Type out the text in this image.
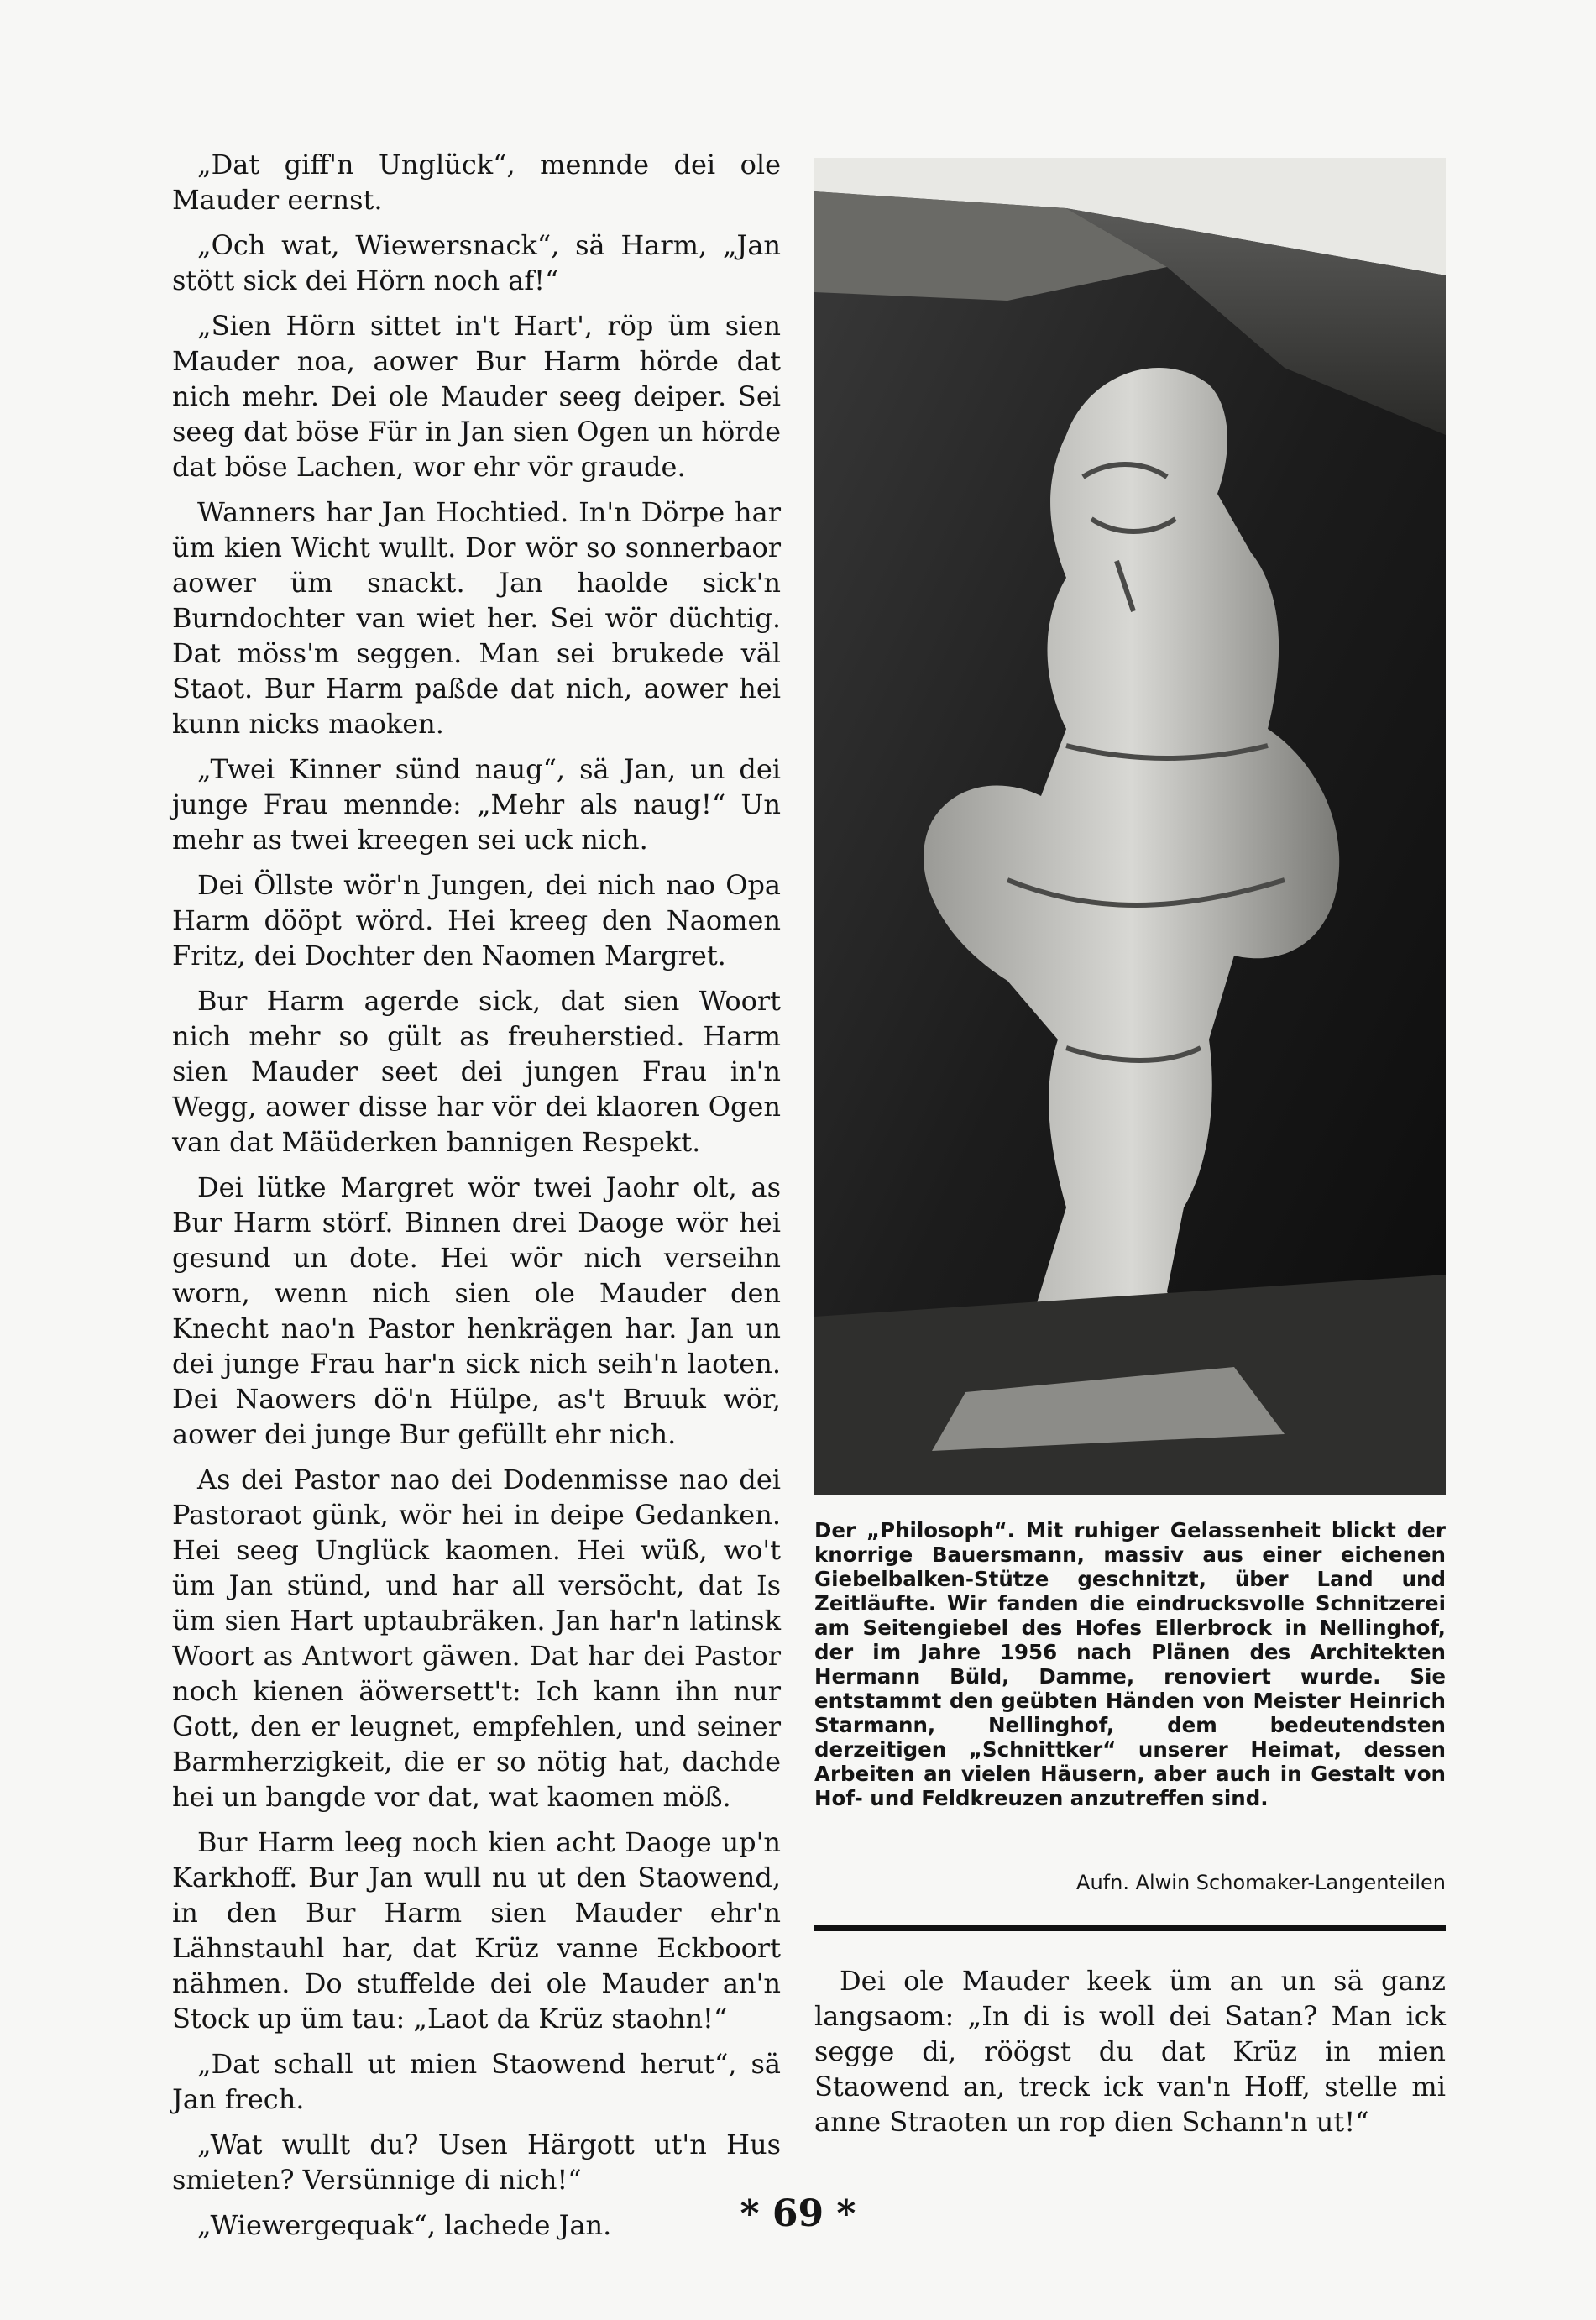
„Dat giff'n Unglück“, mennde dei ole Mauder eernst.

„Och wat, Wiewersnack“, sä Harm, „Jan stött sick dei Hörn noch af!“

„Sien Hörn sittet in't Hart', röp üm sien Mauder noa, aower Bur Harm hörde dat nich mehr. Dei ole Mauder seeg deiper. Sei seeg dat böse Für in Jan sien Ogen un hörde dat böse Lachen, wor ehr vör graude.

Wanners har Jan Hochtied. In'n Dörpe har üm kien Wicht wullt. Dor wör so sonnerbaor aower üm snackt. Jan haolde sick'n Burndochter van wiet her. Sei wör düchtig. Dat möss'm seggen. Man sei brukede väl Staot. Bur Harm paßde dat nich, aower hei kunn nicks maoken.

„Twei Kinner sünd naug“, sä Jan, un dei junge Frau mennde: „Mehr als naug!“ Un mehr as twei kreegen sei uck nich.

Dei Öllste wör'n Jungen, dei nich nao Opa Harm dööpt wörd. Hei kreeg den Naomen Fritz, dei Dochter den Naomen Margret.

Bur Harm agerde sick, dat sien Woort nich mehr so gült as freuherstied. Harm sien Mauder seet dei jungen Frau in'n Wegg, aower disse har vör dei klaoren Ogen van dat Mäüderken bannigen Respekt.

Dei lütke Margret wör twei Jaohr olt, as Bur Harm störf. Binnen drei Daoge wör hei gesund un dote. Hei wör nich verseihn worn, wenn nich sien ole Mauder den Knecht nao'n Pastor henkrägen har. Jan un dei junge Frau har'n sick nich seih'n laoten. Dei Naowers dö'n Hülpe, as't Bruuk wör, aower dei junge Bur gefüllt ehr nich.

As dei Pastor nao dei Dodenmisse nao dei Pastoraot günk, wör hei in deipe Gedanken. Hei seeg Unglück kaomen. Hei wüß, wo't üm Jan stünd, und har all versöcht, dat Is üm sien Hart uptaubräken. Jan har'n latinsk Woort as Antwort gäwen. Dat har dei Pastor noch kienen äöwersett't: Ich kann ihn nur Gott, den er leugnet, empfehlen, und seiner Barmherzigkeit, die er so nötig hat, dachde hei un bangde vor dat, wat kaomen möß.

Bur Harm leeg noch kien acht Daoge up'n Karkhoff. Bur Jan wull nu ut den Staowend, in den Bur Harm sien Mauder ehr'n Lähnstauhl har, dat Krüz vanne Eckboort nähmen. Do stuffelde dei ole Mauder an'n Stock up üm tau: „Laot da Krüz staohn!“

„Dat schall ut mien Staowend herut“, sä Jan frech.

„Wat wullt du? Usen Härgott ut'n Hus smieten? Versünnige di nich!“

„Wiewergequak“, lachede Jan.

Der „Philosoph“. Mit ruhiger Gelassenheit blickt der knorrige Bauersmann, massiv aus einer eichenen Giebelbalken-Stütze geschnitzt, über Land und Zeitläufte. Wir fanden die eindrucksvolle Schnitzerei am Seitengiebel des Hofes Ellerbrock in Nellinghof, der im Jahre 1956 nach Plänen des Architekten Hermann Büld, Damme, renoviert wurde. Sie entstammt den geübten Händen von Meister Heinrich Starmann, Nellinghof, dem bedeutendsten derzeitigen „Schnittker“ unserer Heimat, dessen Arbeiten an vielen Häusern, aber auch in Gestalt von Hof- und Feldkreuzen anzutreffen sind.

Aufn. Alwin Schomaker-Langenteilen

Dei ole Mauder keek üm an un sä ganz langsaom: „In di is woll dei Satan? Man ick segge di, röögst du dat Krüz in mien Staowend an, treck ick van'n Hoff, stelle mi anne Straoten un rop dien Schann'n ut!“

* 69 *
